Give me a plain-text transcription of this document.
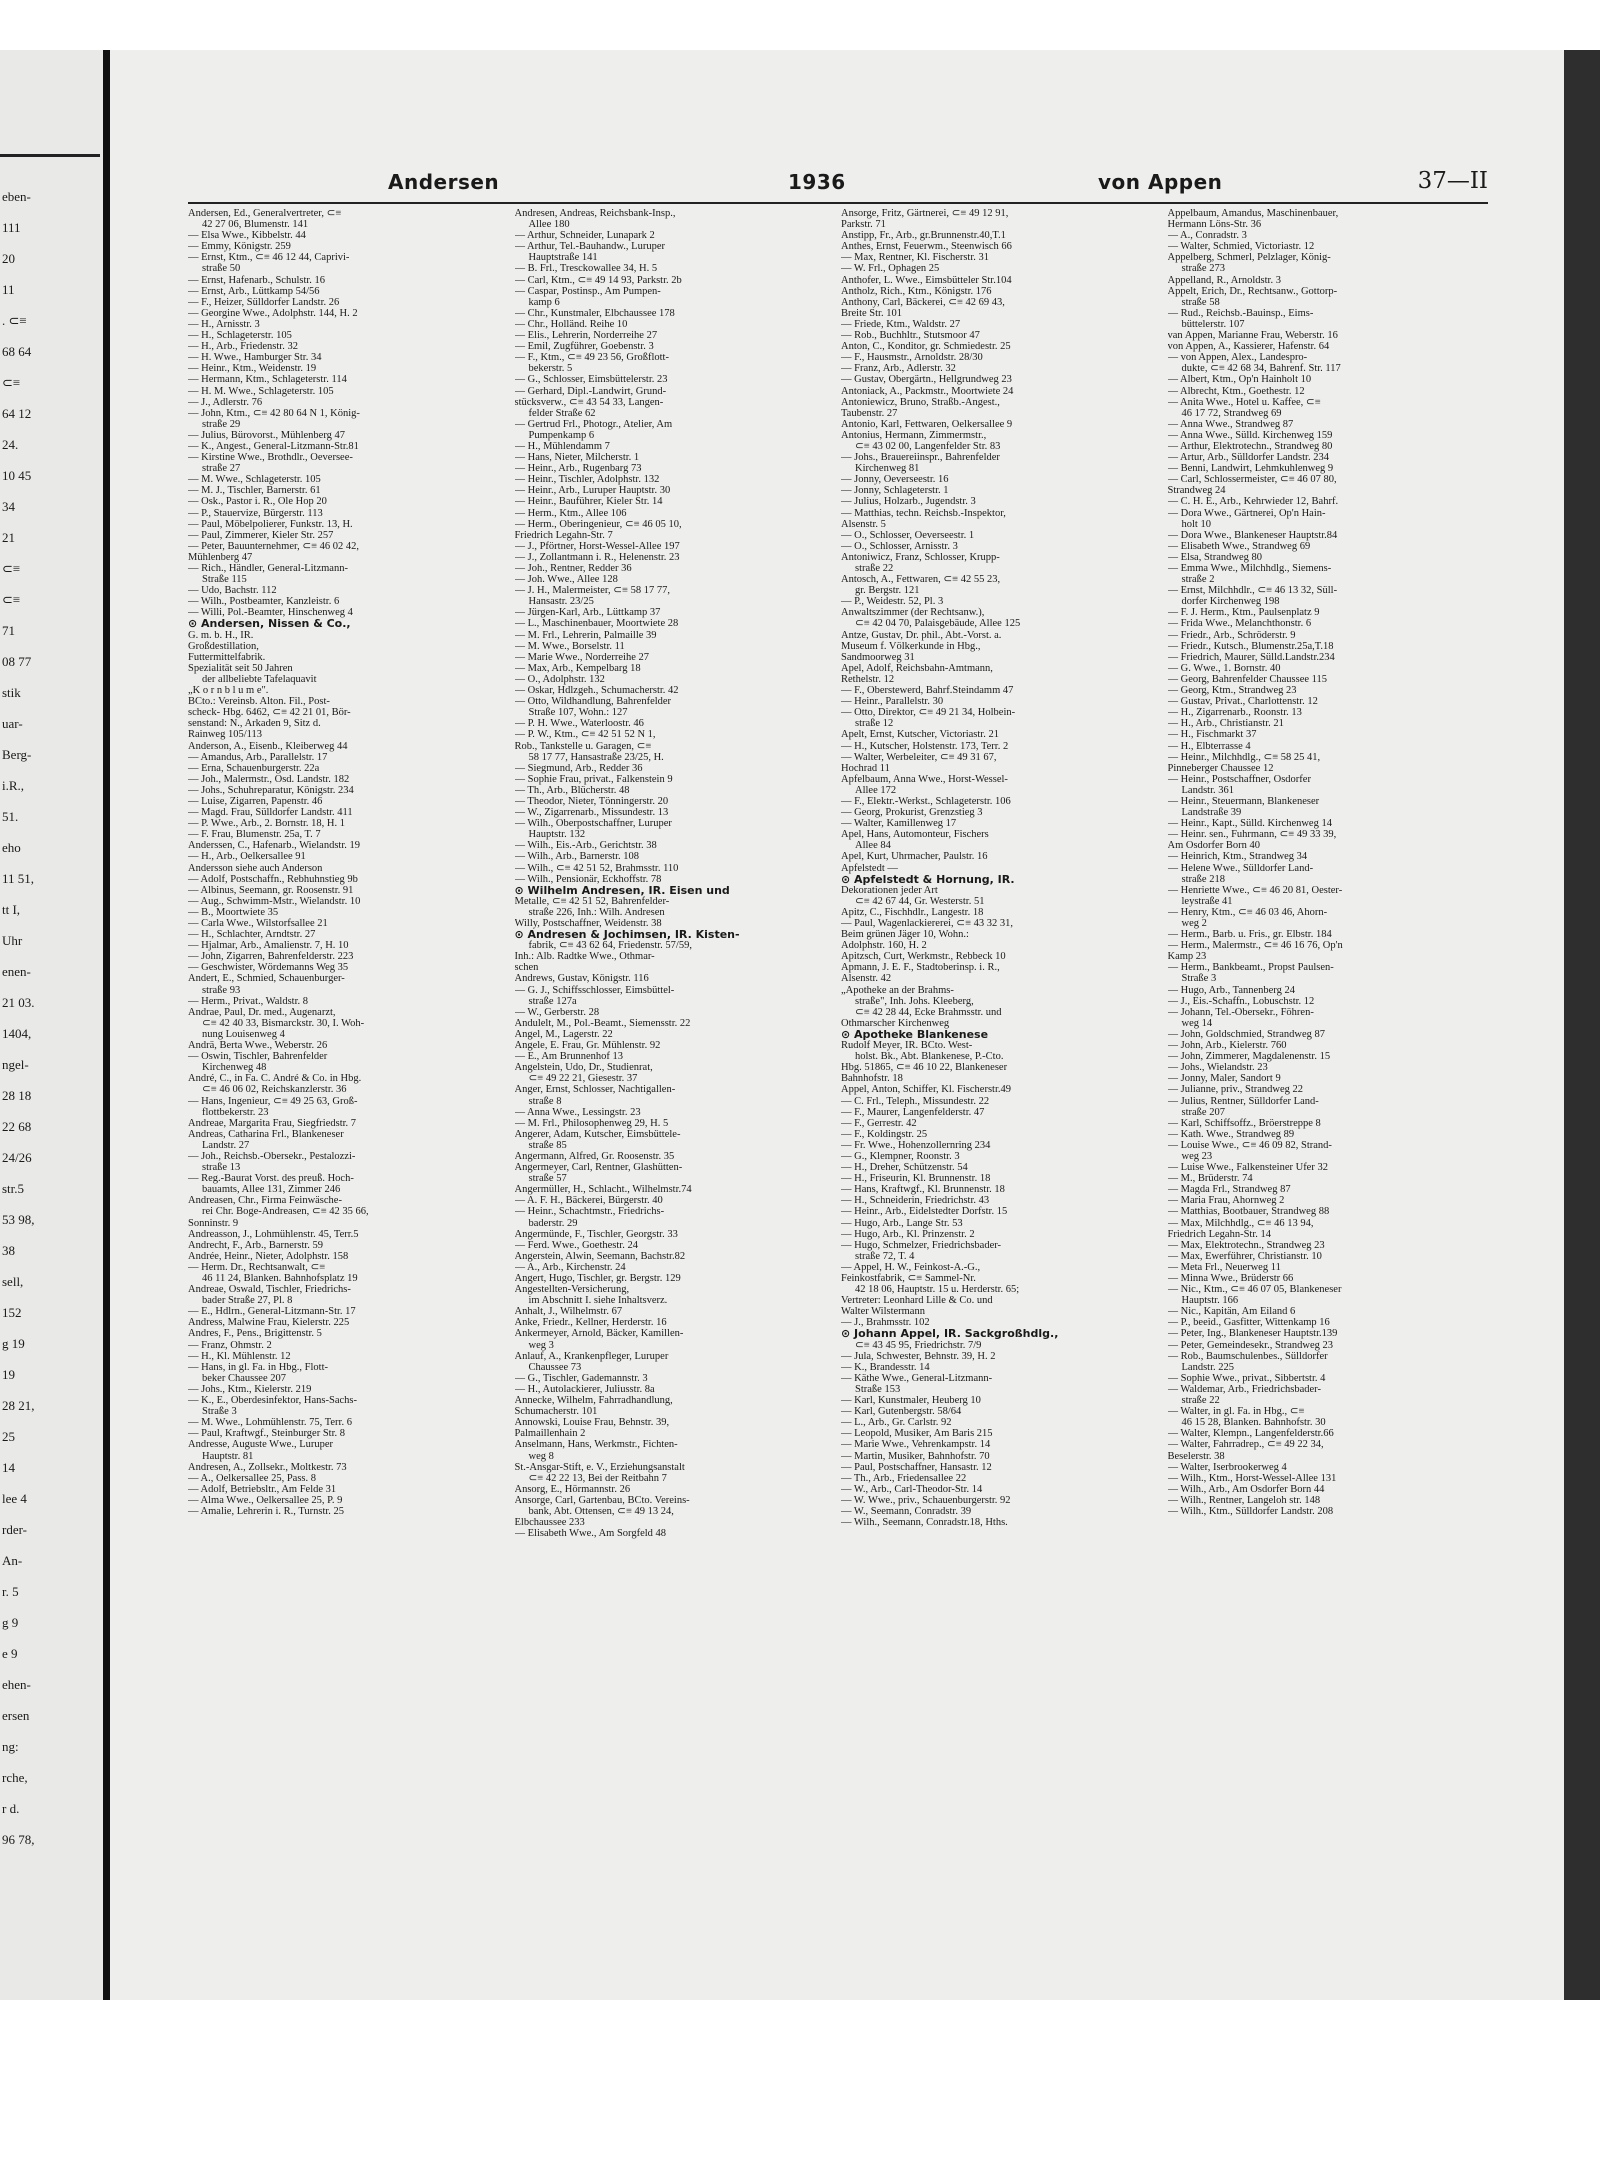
eben-
111
20
11
. ⊂≡
68 64
⊂≡
64 12
24.
10 45
34
21
⊂≡
⊂≡
71
08 77
stik
uar-
Berg-
i.R.,
51.
eho
11 51,
tt I,
Uhr
enen-
21 03.
1404,
ngel-
28 18
22 68
24/26
str.5
53 98,
38
sell,
152
g 19
19
28 21,
25
14
lee 4
rder-
An-
r. 5
g 9
e 9
ehen-
ersen
ng:
rche,
r d.
96 78,
Andersen	1936	von Appen	37—II
Andersen, Ed., Generalvertreter, ⊂≡
42 27 06, Blumenstr. 141
— Elsa Wwe., Kibbelstr. 44
— Emmy, Königstr. 259
— Ernst, Ktm., ⊂≡ 46 12 44, Caprivi-
straße 50
— Ernst, Hafenarb., Schulstr. 16
— Ernst, Arb., Lüttkamp 54/56
— F., Heizer, Sülldorfer Landstr. 26
— Georgine Wwe., Adolphstr. 144, H. 2
— H., Arnisstr. 3
— H., Schlageterstr. 105
— H., Arb., Friedenstr. 32
— H. Wwe., Hamburger Str. 34
— Heinr., Ktm., Weidenstr. 19
— Hermann, Ktm., Schlageterstr. 114
— H. M. Wwe., Schlageterstr. 105
— J., Adlerstr. 76
— John, Ktm., ⊂≡ 42 80 64 N 1, König-
straße 29
— Julius, Bürovorst., Mühlenberg 47
— K., Angest., General-Litzmann-Str.81
— Kirstine Wwe., Brothdlr., Oeversee-
straße 27
— M. Wwe., Schlageterstr. 105
— M. J., Tischler, Barnerstr. 61
— Osk., Pastor i. R., Ole Hop 20
— P., Stauervize, Bürgerstr. 113
— Paul, Möbelpolierer, Funkstr. 13, H.
— Paul, Zimmerer, Kieler Str. 257
— Peter, Bauunternehmer, ⊂≡ 46 02 42,
Mühlenberg 47
— Rich., Händler, General-Litzmann-
Straße 115
— Udo, Bachstr. 112
— Wilh., Postbeamter, Kanzleistr. 6
— Willi, Pol.-Beamter, Hinschenweg 4
⊙ Andersen, Nissen & Co.,
G. m. b. H., IR.
Großdestillation,
Futtermittelfabrik.
Spezialität seit 50 Jahren
der allbeliebte Tafelaquavit
„K o r n b l u m e".
BCto.: Vereinsb. Alton. Fil., Post-
scheck- Hbg. 6462, ⊂≡ 42 21 01, Bör-
senstand: N., Arkaden 9, Sitz d.
Rainweg 105/113
Anderson, A., Eisenb., Kleiberweg 44
— Amandus, Arb., Parallelstr. 17
— Erna, Schauenburgerstr. 22a
— Joh., Malermstr., Osd. Landstr. 182
— Johs., Schuhreparatur, Königstr. 234
— Luise, Zigarren, Papenstr. 46
— Magd. Frau, Sülldorfer Landstr. 411
— P. Wwe., Arb., 2. Bornstr. 18, H. 1
— F. Frau, Blumenstr. 25a, T. 7
Anderssen, C., Hafenarb., Wielandstr. 19
— H., Arb., Oelkersallee 91
Andersson siehe auch Anderson
— Adolf, Postschaffn., Rebhuhnstieg 9b
— Albinus, Seemann, gr. Roosenstr. 91
— Aug., Schwimm-Mstr., Wielandstr. 10
— B., Moortwiete 35
— Carla Wwe., Wilstorfsallee 21
— H., Schlachter, Arndtstr. 27
— Hjalmar, Arb., Amalienstr. 7, H. 10
— John, Zigarren, Bahrenfelderstr. 223
— Geschwister, Wördemanns Weg 35
Andert, E., Schmied, Schauenburger-
straße 93
— Herm., Privat., Waldstr. 8
Andrae, Paul, Dr. med., Augenarzt,
⊂≡ 42 40 33, Bismarckstr. 30, I. Woh-
nung Louisenweg 4
Andrä, Berta Wwe., Weberstr. 26
— Oswin, Tischler, Bahrenfelder
Kirchenweg 48
André, C., in Fa. C. André & Co. in Hbg.
⊂≡ 46 06 02, Reichskanzlerstr. 36
— Hans, Ingenieur, ⊂≡ 49 25 63, Groß-
flottbekerstr. 23
Andreae, Margarita Frau, Siegfriedstr. 7
Andreas, Catharina Frl., Blankeneser
Landstr. 27
— Joh., Reichsb.-Obersekr., Pestalozzi-
straße 13
— Reg.-Baurat Vorst. des preuß. Hoch-
bauamts, Allee 131, Zimmer 246
Andreasen, Chr., Firma Feinwäsche-
rei Chr. Boge-Andreasen, ⊂≡ 42 35 66,
Sonninstr. 9
Andreasson, J., Lohmühlenstr. 45, Terr.5
Andrecht, F., Arb., Barnerstr. 59
Andrée, Heinr., Nieter, Adolphstr. 158
— Herm. Dr., Rechtsanwalt, ⊂≡
46 11 24, Blanken. Bahnhofsplatz 19
Andreae, Oswald, Tischler, Friedrichs-
bader Straße 27, Pl. 8
— E., Hdlrn., General-Litzmann-Str. 17
Andress, Malwine Frau, Kielerstr. 225
Andres, F., Pens., Brigittenstr. 5
— Franz, Ohmstr. 2
— H., Kl. Mühlenstr. 12
— Hans, in gl. Fa. in Hbg., Flott-
beker Chaussee 207
— Johs., Ktm., Kielerstr. 219
— K., E., Oberdesinfektor, Hans-Sachs-
Straße 3
— M. Wwe., Lohmühlenstr. 75, Terr. 6
— Paul, Kraftwgf., Steinburger Str. 8
Andresse, Auguste Wwe., Luruper
Hauptstr. 81
Andresen, A., Zollsekr., Moltkestr. 73
— A., Oelkersallee 25, Pass. 8
— Adolf, Betriebsltr., Am Felde 31
— Alma Wwe., Oelkersallee 25, P. 9
— Amalie, Lehrerin i. R., Turnstr. 25
Andresen, Andreas, Reichsbank-Insp.,
Allee 180
— Arthur, Schneider, Lunapark 2
— Arthur, Tel.-Bauhandw., Luruper
Hauptstraße 141
— B. Frl., Tresckowallee 34, H. 5
— Carl, Ktm., ⊂≡ 49 14 93, Parkstr. 2b
— Caspar, Postinsp., Am Pumpen-
kamp 6
— Chr., Kunstmaler, Elbchaussee 178
— Chr., Holländ. Reihe 10
— Elis., Lehrerin, Norderreihe 27
— Emil, Zugführer, Goebenstr. 3
— F., Ktm., ⊂≡ 49 23 56, Großflott-
bekerstr. 5
— G., Schlosser, Eimsbüttelerstr. 23
— Gerhard, Dipl.-Landwirt, Grund-
stücksverw., ⊂≡ 43 54 33, Langen-
felder Straße 62
— Gertrud Frl., Photogr., Atelier, Am
Pumpenkamp 6
— H., Mühlendamm 7
— Hans, Nieter, Milcherstr. 1
— Heinr., Arb., Rugenbarg 73
— Heinr., Tischler, Adolphstr. 132
— Heinr., Arb., Luruper Hauptstr. 30
— Heinr., Bauführer, Kieler Str. 14
— Herm., Ktm., Allee 106
— Herm., Oberingenieur, ⊂≡ 46 05 10,
Friedrich Legahn-Str. 7
— J., Pförtner, Horst-Wessel-Allee 197
— J., Zollantmann i. R., Helenenstr. 23
— Joh., Rentner, Redder 36
— Joh. Wwe., Allee 128
— J. H., Malermeister, ⊂≡ 58 17 77,
Hansastr. 23/25
— Jürgen-Karl, Arb., Lüttkamp 37
— L., Maschinenbauer, Moortwiete 28
— M. Frl., Lehrerin, Palmaille 39
— M. Wwe., Borselstr. 11
— Marie Wwe., Norderreihe 27
— Max, Arb., Kempelbarg 18
— O., Adolphstr. 132
— Oskar, Hdlzgeh., Schumacherstr. 42
— Otto, Wildhandlung, Bahrenfelder
Straße 107, Wohn.: 127
— P. H. Wwe., Waterloostr. 46
— P. W., Ktm., ⊂≡ 42 51 52 N 1,
Rob., Tankstelle u. Garagen, ⊂≡
58 17 77, Hansastraße 23/25, H.
— Siegmund, Arb., Redder 36
— Sophie Frau, privat., Falkenstein 9
— Th., Arb., Blücherstr. 48
— Theodor, Nieter, Tönningerstr. 20
— W., Zigarrenarb., Missundestr. 13
— Wilh., Oberpostschaffner, Luruper
Hauptstr. 132
— Wilh., Eis.-Arb., Gerichtstr. 38
— Wilh., Arb., Barnerstr. 108
— Wilh., ⊂≡ 42 51 52, Brahmsstr. 110
— Wilh., Pensionär, Eckhoffstr. 78
⊙ Wilhelm Andresen, IR. Eisen und
Metalle, ⊂≡ 42 51 52, Bahrenfelder-
straße 226, Inh.: Wilh. Andresen
Willy, Postschaffner, Weidenstr. 38
⊙ Andresen & Jochimsen, IR. Kisten-
fabrik, ⊂≡ 43 62 64, Friedenstr. 57/59,
Inh.: Alb. Radtke Wwe., Othmar-
schen
Andrews, Gustav, Königstr. 116
— G. J., Schiffsschlosser, Eimsbüttel-
straße 127a
— W., Gerberstr. 28
Andulelt, M., Pol.-Beamt., Siemensstr. 22
Angel, M., Lagerstr. 22
Angele, E. Frau, Gr. Mühlenstr. 92
— E., Am Brunnenhof 13
Angelstein, Udo, Dr., Studienrat,
⊂≡ 49 22 21, Giesestr. 37
Anger, Ernst, Schlosser, Nachtigallen-
straße 8
— Anna Wwe., Lessingstr. 23
— M. Frl., Philosophenweg 29, H. 5
Angerer, Adam, Kutscher, Eimsbüttele-
straße 85
Angermann, Alfred, Gr. Roosenstr. 35
Angermeyer, Carl, Rentner, Glashütten-
straße 57
Angermüller, H., Schlacht., Wilhelmstr.74
— A. F. H., Bäckerei, Bürgerstr. 40
— Heinr., Schachtmstr., Friedrichs-
baderstr. 29
Angermünde, F., Tischler, Georgstr. 33
— Ferd. Wwe., Goethestr. 24
Angerstein, Alwin, Seemann, Bachstr.82
— A., Arb., Kirchenstr. 24
Angert, Hugo, Tischler, gr. Bergstr. 129
Angestellten-Versicherung,
im Abschnitt I. siehe Inhaltsverz.
Anhalt, J., Wilhelmstr. 67
Anke, Friedr., Kellner, Herderstr. 16
Ankermeyer, Arnold, Bäcker, Kamillen-
weg 3
Anlauf, A., Krankenpfleger, Luruper
Chaussee 73
— G., Tischler, Gademannstr. 3
— H., Autolackierer, Juliusstr. 8a
Annecke, Wilhelm, Fahrradhandlung,
Schumacherstr. 101
Annowski, Louise Frau, Behnstr. 39,
Palmaillenhain 2
Anselmann, Hans, Werkmstr., Fichten-
weg 8
St.-Ansgar-Stift, e. V., Erziehungsanstalt
⊂≡ 42 22 13, Bei der Reitbahn 7
Ansorg, E., Hörmannstr. 26
Ansorge, Carl, Gartenbau, BCto. Vereins-
bank, Abt. Ottensen, ⊂≡ 49 13 24,
Elbchaussee 233
— Elisabeth Wwe., Am Sorgfeld 48
Ansorge, Fritz, Gärtnerei, ⊂≡ 49 12 91,
Parkstr. 71
Anstipp, Fr., Arb., gr.Brunnenstr.40,T.1
Anthes, Ernst, Feuerwm., Steenwisch 66
— Max, Rentner, Kl. Fischerstr. 31
— W. Frl., Ophagen 25
Anthofer, L. Wwe., Eimsbütteler Str.104
Antholz, Rich., Ktm., Königstr. 176
Anthony, Carl, Bäckerei, ⊂≡ 42 69 43,
Breite Str. 101
— Friede, Ktm., Waldstr. 27
— Rob., Buchhltr., Stutsmoor 47
Anton, C., Konditor, gr. Schmiedestr. 25
— F., Hausmstr., Arnoldstr. 28/30
— Franz, Arb., Adlerstr. 32
— Gustav, Obergärtn., Hellgrundweg 23
Antoniack, A., Packmstr., Moortwiete 24
Antoniewicz, Bruno, Straßb.-Angest.,
Taubenstr. 27
Antonio, Karl, Fettwaren, Oelkersallee 9
Antonius, Hermann, Zimmermstr.,
⊂≡ 43 02 00, Langenfelder Str. 83
— Johs., Brauereiinspr., Bahrenfelder
Kirchenweg 81
— Jonny, Oeverseestr. 16
— Jonny, Schlageterstr. 1
— Julius, Holzarb., Jugendstr. 3
— Matthias, techn. Reichsb.-Inspektor,
Alsenstr. 5
— O., Schlosser, Oeverseestr. 1
— O., Schlosser, Arnisstr. 3
Antoniwicz, Franz, Schlosser, Krupp-
straße 22
Antosch, A., Fettwaren, ⊂≡ 42 55 23,
gr. Bergstr. 121
— P., Weidestr. 52, Pl. 3
Anwaltszimmer (der Rechtsanw.),
⊂≡ 42 04 70, Palaisgebäude, Allee 125
Antze, Gustav, Dr. phil., Abt.-Vorst. a.
Museum f. Völkerkunde in Hbg.,
Sandmoorweg 31
Apel, Adolf, Reichsbahn-Amtmann,
Rethelstr. 12
— F., Oberstewerd, Bahrf.Steindamm 47
— Heinr., Parallelstr. 30
— Otto, Direktor, ⊂≡ 49 21 34, Holbein-
straße 12
Apelt, Ernst, Kutscher, Victoriastr. 21
— H., Kutscher, Holstenstr. 173, Terr. 2
— Walter, Werbeleiter, ⊂≡ 49 31 67,
Hochrad 11
Apfelbaum, Anna Wwe., Horst-Wessel-
Allee 172
— F., Elektr.-Werkst., Schlageterstr. 106
— Georg, Prokurist, Grenzstieg 3
— Walter, Kamillenweg 17
Apel, Hans, Automonteur, Fischers
Allee 84
Apel, Kurt, Uhrmacher, Paulstr. 16
Apfelstedt —
⊙ Apfelstedt & Hornung, IR.
Dekorationen jeder Art
⊂≡ 42 67 44, Gr. Westerstr. 51
Apitz, C., Fischhdlr., Langestr. 18
— Paul, Wagenlackiererei, ⊂≡ 43 32 31,
Beim grünen Jäger 10, Wohn.:
Adolphstr. 160, H. 2
Apitzsch, Curt, Werkmstr., Rebbeck 10
Apmann, J. E. F., Stadtoberinsp. i. R.,
Alsenstr. 42
„Apotheke an der Brahms-
straße", Inh. Johs. Kleeberg,
⊂≡ 42 28 44, Ecke Brahmsstr. und
Othmarscher Kirchenweg
⊙ Apotheke Blankenese
Rudolf Meyer, IR. BCto. West-
holst. Bk., Abt. Blankenese, P.-Cto.
Hbg. 51865, ⊂≡ 46 10 22, Blankeneser
Bahnhofstr. 18
Appel, Anton, Schiffer, Kl. Fischerstr.49
— C. Frl., Teleph., Missundestr. 22
— F., Maurer, Langenfelderstr. 47
— F., Gerrestr. 42
— F., Koldingstr. 25
— Fr. Wwe., Hohenzollernring 234
— G., Klempner, Roonstr. 3
— H., Dreher, Schützenstr. 54
— H., Friseurin, Kl. Brunnenstr. 18
— Hans, Kraftwgf., Kl. Brunnenstr. 18
— H., Schneiderin, Friedrichstr. 43
— Heinr., Arb., Eidelstedter Dorfstr. 15
— Hugo, Arb., Lange Str. 53
— Hugo, Arb., Kl. Prinzenstr. 2
— Hugo, Schmelzer, Friedrichsbader-
straße 72, T. 4
— Appel, H. W., Feinkost-A.-G.,
Feinkostfabrik, ⊂≡ Sammel-Nr.
42 18 06, Hauptstr. 15 u. Herderstr. 65;
Vertreter: Leonhard Lille & Co. und
Walter Wilstermann
— J., Brahmsstr. 102
⊙ Johann Appel, IR. Sackgroßhdlg.,
⊂≡ 43 45 95, Friedrichstr. 7/9
— Jula, Schwester, Behnstr. 39, H. 2
— K., Brandesstr. 14
— Käthe Wwe., General-Litzmann-
Straße 153
— Karl, Kunstmaler, Heuberg 10
— Karl, Gutenbergstr. 58/64
— L., Arb., Gr. Carlstr. 92
— Leopold, Musiker, Am Baris 215
— Marie Wwe., Vehrenkampstr. 14
— Martin, Musiker, Bahnhofstr. 70
— Paul, Postschaffner, Hansastr. 12
— Th., Arb., Friedensallee 22
— W., Arb., Carl-Theodor-Str. 14
— W. Wwe., priv., Schauenburgerstr. 92
— W., Seemann, Conradstr. 39
— Wilh., Seemann, Conradstr.18, Hths.
Appelbaum, Amandus, Maschinenbauer,
Hermann Löns-Str. 36
— A., Conradstr. 3
— Walter, Schmied, Victoriastr. 12
Appelberg, Schmerl, Pelzlager, König-
straße 273
Appelland, R., Arnoldstr. 3
Appelt, Erich, Dr., Rechtsanw., Gottorp-
straße 58
— Rud., Reichsb.-Bauinsp., Eims-
büttelerstr. 107
van Appen, Marianne Frau, Weberstr. 16
von Appen, A., Kassierer, Hafenstr. 64
— von Appen, Alex., Landespro-
dukte, ⊂≡ 42 68 34, Bahrenf. Str. 117
— Albert, Ktm., Op'n Hainholt 10
— Albrecht, Ktm., Goethestr. 12
— Anita Wwe., Hotel u. Kaffee, ⊂≡
46 17 72, Strandweg 69
— Anna Wwe., Strandweg 87
— Anna Wwe., Sülld. Kirchenweg 159
— Arthur, Elektrotechn., Strandweg 80
— Artur, Arb., Sülldorfer Landstr. 234
— Benni, Landwirt, Lehmkuhlenweg 9
— Carl, Schlossermeister, ⊂≡ 46 07 80,
Strandweg 24
— C. H. E., Arb., Kehrwieder 12, Bahrf.
— Dora Wwe., Gärtnerei, Op'n Hain-
holt 10
— Dora Wwe., Blankeneser Hauptstr.84
— Elisabeth Wwe., Strandweg 69
— Elsa, Strandweg 80
— Emma Wwe., Milchhdlg., Siemens-
straße 2
— Ernst, Milchhdlr., ⊂≡ 46 13 32, Süll-
dorfer Kirchenweg 198
— F. J. Herm., Ktm., Paulsenplatz 9
— Frida Wwe., Melanchthonstr. 6
— Friedr., Arb., Schröderstr. 9
— Friedr., Kutsch., Blumenstr.25a,T.18
— Friedrich, Maurer, Sülld.Landstr.234
— G. Wwe., 1. Bornstr. 40
— Georg, Bahrenfelder Chaussee 115
— Georg, Ktm., Strandweg 23
— Gustav, Privat., Charlottenstr. 12
— H., Zigarrenarb., Roonstr. 13
— H., Arb., Christianstr. 21
— H., Fischmarkt 37
— H., Elbterrasse 4
— Heinr., Milchhdlg., ⊂≡ 58 25 41,
Pinneberger Chaussee 12
— Heinr., Postschaffner, Osdorfer
Landstr. 361
— Heinr., Steuermann, Blankeneser
Landstraße 39
— Heinr., Kapt., Sülld. Kirchenweg 14
— Heinr. sen., Fuhrmann, ⊂≡ 49 33 39,
Am Osdorfer Born 40
— Heinrich, Ktm., Strandweg 34
— Helene Wwe., Sülldorfer Land-
straße 218
— Henriette Wwe., ⊂≡ 46 20 81, Oester-
leystraße 41
— Henry, Ktm., ⊂≡ 46 03 46, Ahorn-
weg 2
— Herm., Barb. u. Fris., gr. Elbstr. 184
— Herm., Malermstr., ⊂≡ 46 16 76, Op'n
Kamp 23
— Herm., Bankbeamt., Propst Paulsen-
Straße 3
— Hugo, Arb., Tannenberg 24
— J., Eis.-Schaffn., Lobuschstr. 12
— Johann, Tel.-Obersekr., Föhren-
weg 14
— John, Goldschmied, Strandweg 87
— John, Arb., Kielerstr. 760
— John, Zimmerer, Magdalenenstr. 15
— Johs., Wielandstr. 23
— Jonny, Maler, Sandort 9
— Julianne, priv., Strandweg 22
— Julius, Rentner, Sülldorfer Land-
straße 207
— Karl, Schiffsoffz., Bröerstreppe 8
— Kath. Wwe., Strandweg 89
— Louise Wwe., ⊂≡ 46 09 82, Strand-
weg 23
— Luise Wwe., Falkensteiner Ufer 32
— M., Brüderstr. 74
— Magda Frl., Strandweg 87
— Maria Frau, Ahornweg 2
— Matthias, Bootbauer, Strandweg 88
— Max, Milchhdlg., ⊂≡ 46 13 94,
Friedrich Legahn-Str. 14
— Max, Elektrotechn., Strandweg 23
— Max, Ewerführer, Christianstr. 10
— Meta Frl., Neuerweg 11
— Minna Wwe., Brüderstr 66
— Nic., Ktm., ⊂≡ 46 07 05, Blankeneser
Hauptstr. 166
— Nic., Kapitän, Am Eiland 6
— P., beeid., Gasfitter, Wittenkamp 16
— Peter, Ing., Blankeneser Hauptstr.139
— Peter, Gemeindesekr., Strandweg 23
— Rob., Baumschulenbes., Sülldorfer
Landstr. 225
— Sophie Wwe., privat., Sibbertstr. 4
— Waldemar, Arb., Friedrichsbader-
straße 22
— Walter, in gl. Fa. in Hbg., ⊂≡
46 15 28, Blanken. Bahnhofstr. 30
— Walter, Klempn., Langenfelderstr.66
— Walter, Fahrradrep., ⊂≡ 49 22 34,
Beselerstr. 38
— Walter, Iserbrookerweg 4
— Wilh., Ktm., Horst-Wessel-Allee 131
— Wilh., Arb., Am Osdorfer Born 44
— Wilh., Rentner, Langeloh str. 148
— Wilh., Ktm., Sülldorfer Landstr. 208
